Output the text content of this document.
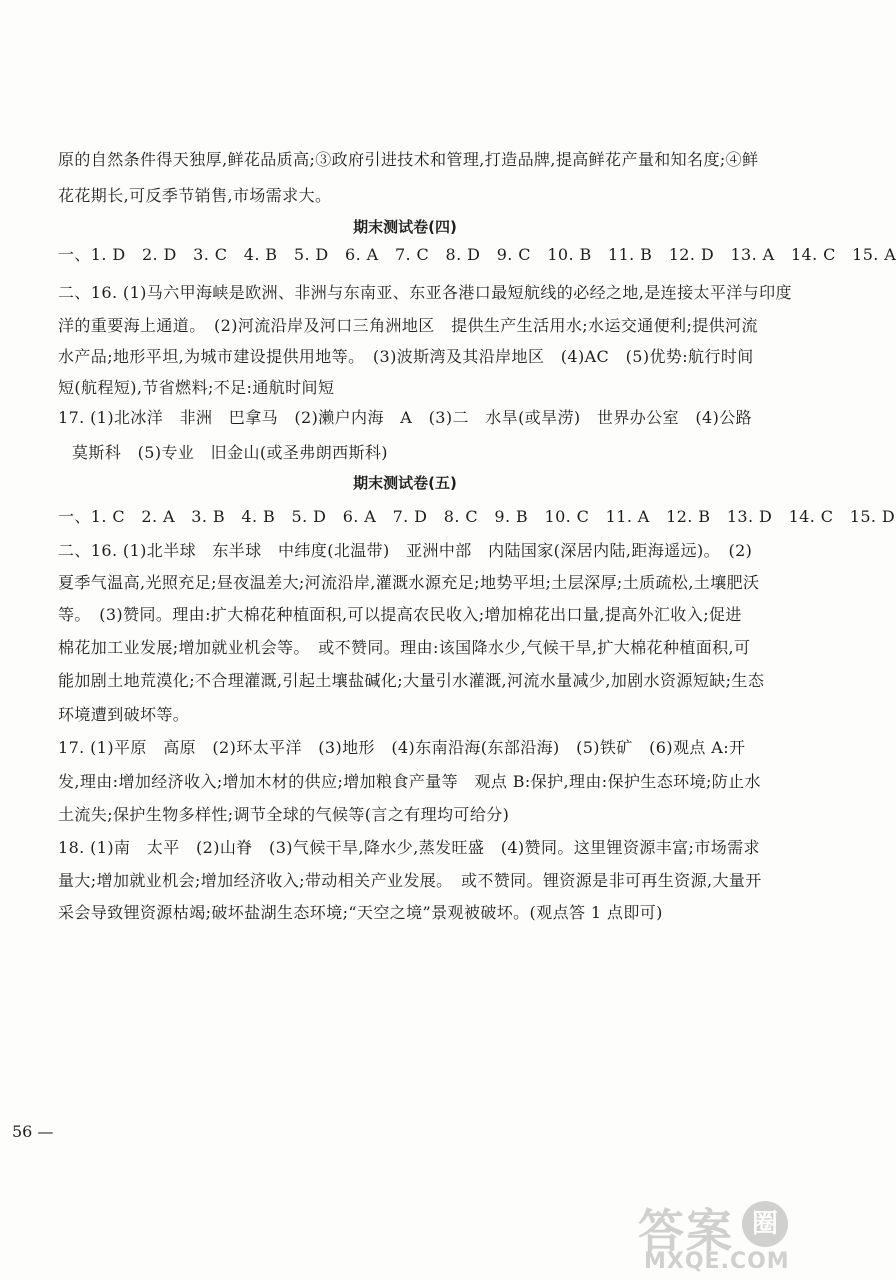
原的自然条件得天独厚,鲜花品质高;③政府引进技术和管理,打造品牌,提高鲜花产量和知名度;④鲜
花花期长,可反季节销售,市场需求大。
期末测试卷(四)
一、1. D　2. D　3. C　4. B　5. D　6. A　7. C　8. D　9. C　10. B　11. B　12. D　13. A　14. C　15. A
二、16. (1)马六甲海峡是欧洲、非洲与东南亚、东亚各港口最短航线的必经之地,是连接太平洋与印度
洋的重要海上通道。　(2)河流沿岸及河口三角洲地区　提供生产生活用水;水运交通便利;提供河流
水产品;地形平坦,为城市建设提供用地等。　(3)波斯湾及其沿岸地区　(4)AC　(5)优势:航行时间
短(航程短),节省燃料;不足:通航时间短
17. (1)北冰洋　非洲　巴拿马　(2)濑户内海　A　(3)二　水旱(或旱涝)　世界办公室　(4)公路
莫斯科　(5)专业　旧金山(或圣弗朗西斯科)
期末测试卷(五)
一、1. C　2. A　3. B　4. B　5. D　6. A　7. D　8. C　9. B　10. C　11. A　12. B　13. D　14. C　15. D
二、16. (1)北半球　东半球　中纬度(北温带)　亚洲中部　内陆国家(深居内陆,距海遥远)。　(2)
夏季气温高,光照充足;昼夜温差大;河流沿岸,灌溉水源充足;地势平坦;土层深厚;土质疏松,土壤肥沃
等。　(3)赞同。理由:扩大棉花种植面积,可以提高农民收入;增加棉花出口量,提高外汇收入;促进
棉花加工业发展;增加就业机会等。　或不赞同。理由:该国降水少,气候干旱,扩大棉花种植面积,可
能加剧土地荒漠化;不合理灌溉,引起土壤盐碱化;大量引水灌溉,河流水量减少,加剧水资源短缺;生态
环境遭到破坏等。
17. (1)平原　高原　(2)环太平洋　(3)地形　(4)东南沿海(东部沿海)　(5)铁矿　(6)观点 A:开
发,理由:增加经济收入;增加木材的供应;增加粮食产量等　观点 B:保护,理由:保护生态环境;防止水
土流失;保护生物多样性;调节全球的气候等(言之有理均可给分)
18. (1)南　太平　(2)山脊　(3)气候干旱,降水少,蒸发旺盛　(4)赞同。这里锂资源丰富;市场需求
量大;增加就业机会;增加经济收入;带动相关产业发展。　或不赞同。锂资源是非可再生资源,大量开
采会导致锂资源枯竭;破坏盐湖生态环境;“天空之境”景观被破坏。(观点答 1 点即可)
56 —
答案 圈
MXQE.COM
